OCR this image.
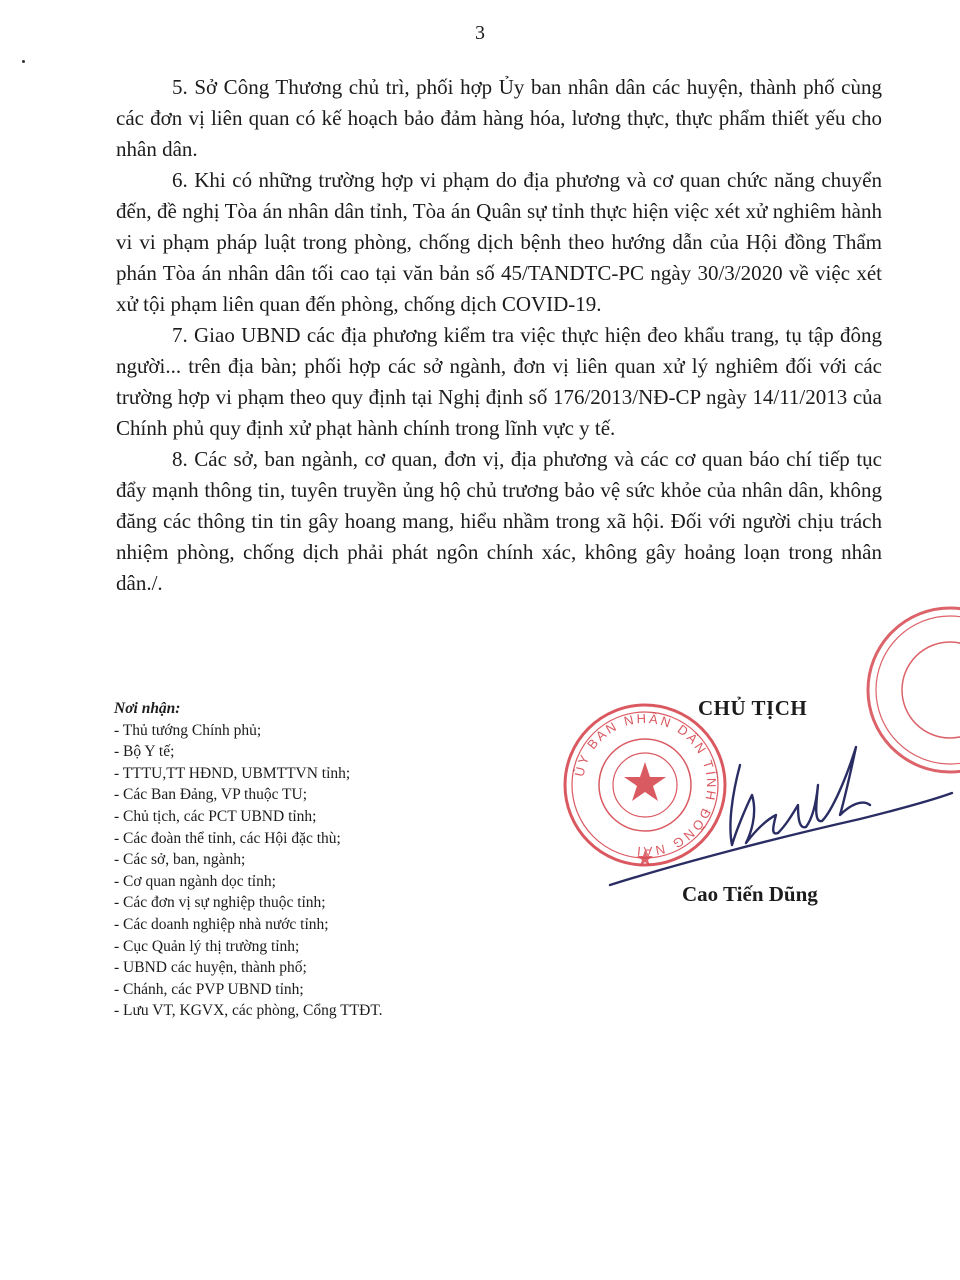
3

5. Sở Công Thương chủ trì, phối hợp Ủy ban nhân dân các huyện, thành phố cùng các đơn vị liên quan có kế hoạch bảo đảm hàng hóa, lương thực, thực phẩm thiết yếu cho nhân dân.

6. Khi có những trường hợp vi phạm do địa phương và cơ quan chức năng chuyển đến, đề nghị Tòa án nhân dân tỉnh, Tòa án Quân sự tỉnh thực hiện việc xét xử nghiêm hành vi vi phạm pháp luật trong phòng, chống dịch bệnh theo hướng dẫn của Hội đồng Thẩm phán Tòa án nhân dân tối cao tại văn bản số 45/TANDTC-PC ngày 30/3/2020 về việc xét xử tội phạm liên quan đến phòng, chống dịch COVID-19.

7. Giao UBND các địa phương kiểm tra việc thực hiện đeo khẩu trang, tụ tập đông người... trên địa bàn; phối hợp các sở ngành, đơn vị liên quan xử lý nghiêm đối với các trường hợp vi phạm theo quy định tại Nghị định số 176/2013/NĐ-CP ngày 14/11/2013 của Chính phủ quy định xử phạt hành chính trong lĩnh vực y tế.

8. Các sở, ban ngành, cơ quan, đơn vị, địa phương và các cơ quan báo chí tiếp tục đẩy mạnh thông tin, tuyên truyền ủng hộ chủ trương bảo vệ sức khỏe của nhân dân, không đăng các thông tin tin gây hoang mang, hiểu nhầm trong xã hội. Đối với người chịu trách nhiệm phòng, chống dịch phải phát ngôn chính xác, không gây hoảng loạn trong nhân dân./.

Nơi nhận:
- Thủ tướng Chính phủ;
- Bộ Y tế;
- TTTU,TT HĐND, UBMTTVN tỉnh;
- Các Ban Đảng, VP thuộc TU;
- Chủ tịch, các PCT UBND tỉnh;
- Các đoàn thể tỉnh, các Hội đặc thù;
- Các sở, ban, ngành;
- Cơ quan ngành dọc tỉnh;
- Các đơn vị sự nghiệp thuộc tỉnh;
- Các doanh nghiệp nhà nước tỉnh;
- Cục Quản lý thị trường tỉnh;
- UBND các huyện, thành phố;
- Chánh, các PVP UBND tỉnh;
- Lưu VT, KGVX, các phòng, Cổng TTĐT.
ỦY BAN NHÂN DÂN TỈNH ĐỒNG NAI
CHỦ TỊCH
Cao Tiến Dũng
